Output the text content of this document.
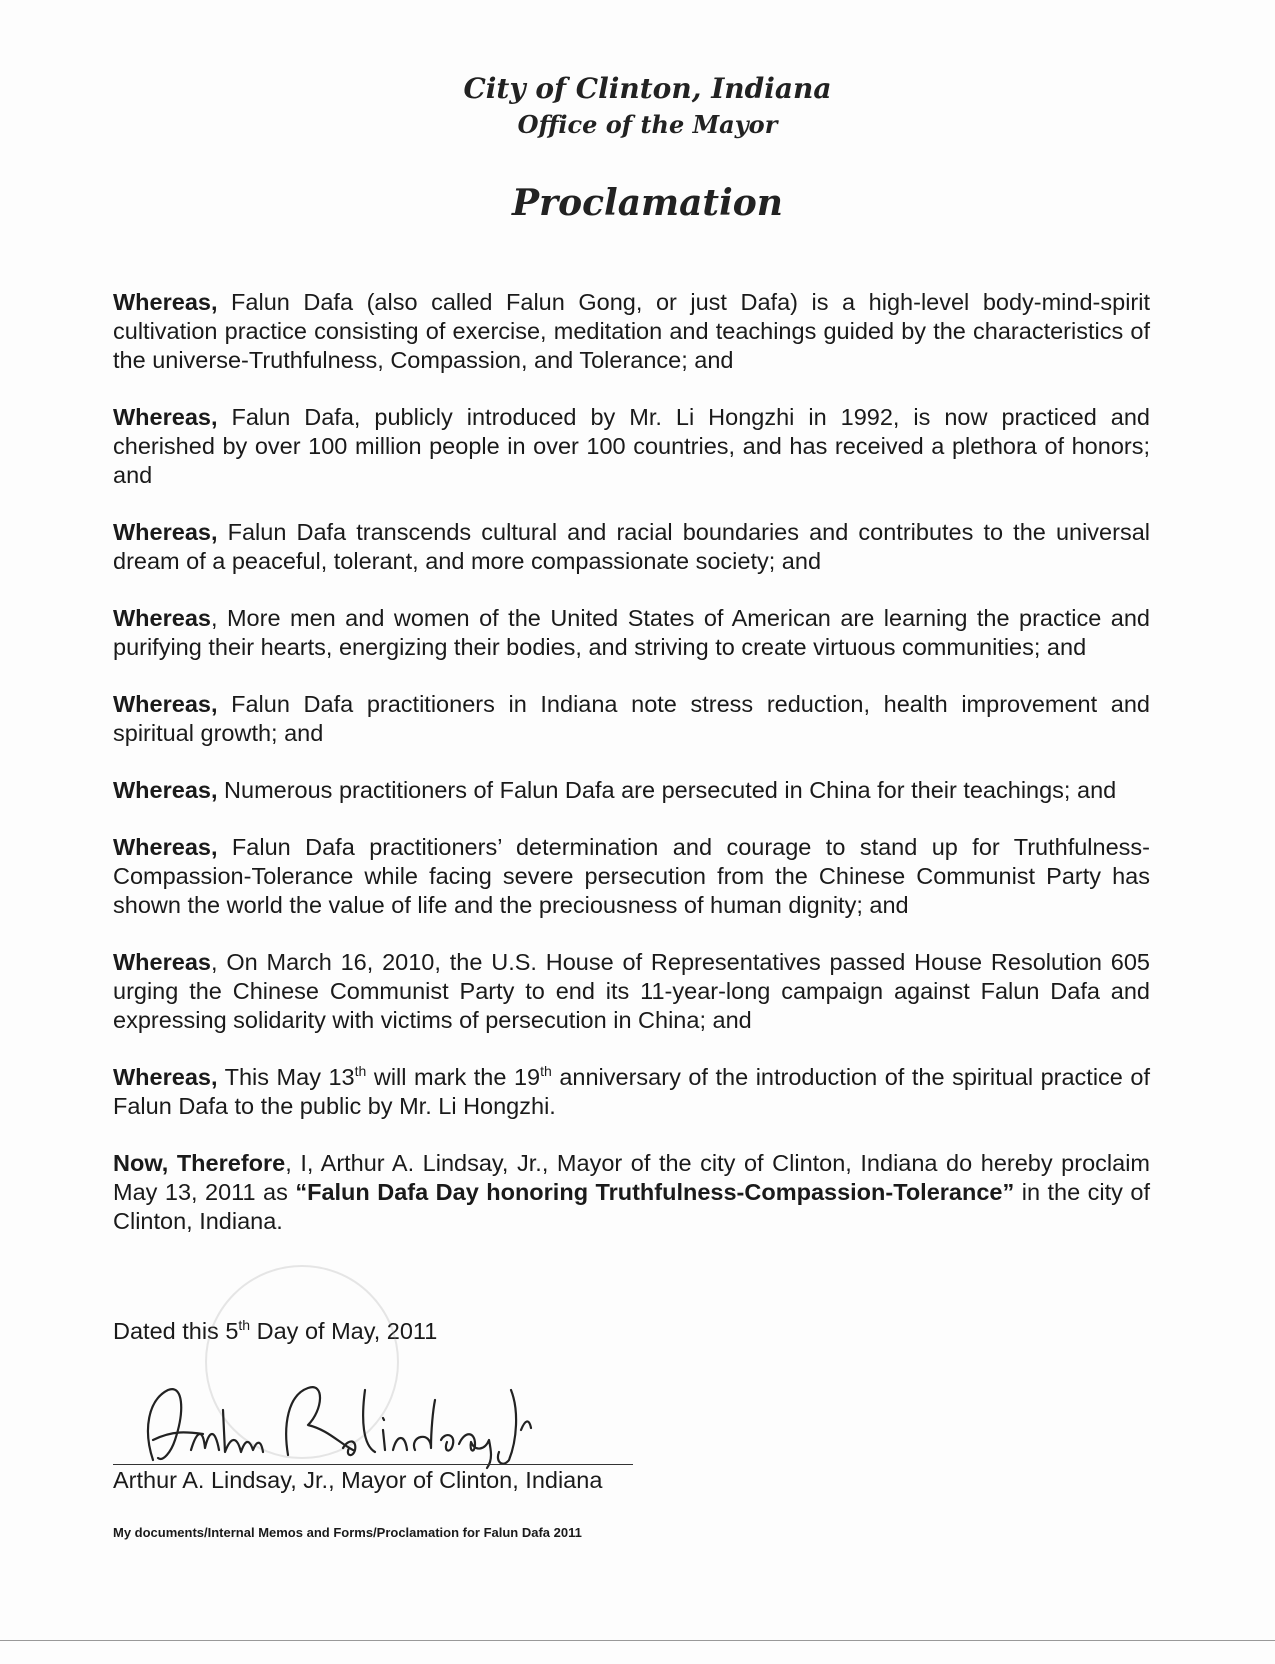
City of Clinton, Indiana
Office of the Mayor
Proclamation

Whereas, Falun Dafa (also called Falun Gong, or just Dafa) is a high-level body-mind-spirit cultivation practice consisting of exercise, meditation and teachings guided by the characteristics of the universe-Truthfulness, Compassion, and Tolerance; and

Whereas, Falun Dafa, publicly introduced by Mr. Li Hongzhi in 1992, is now practiced and cherished by over 100 million people in over 100 countries, and has received a plethora of honors; and

Whereas, Falun Dafa transcends cultural and racial boundaries and contributes to the universal dream of a peaceful, tolerant, and more compassionate society; and

Whereas, More men and women of the United States of American are learning the practice and purifying their hearts, energizing their bodies, and striving to create virtuous communities; and

Whereas, Falun Dafa practitioners in Indiana note stress reduction, health improvement and spiritual growth; and

Whereas, Numerous practitioners of Falun Dafa are persecuted in China for their teachings; and

Whereas, Falun Dafa practitioners’ determination and courage to stand up for Truthfulness-Compassion-Tolerance while facing severe persecution from the Chinese Communist Party has shown the world the value of life and the preciousness of human dignity; and

Whereas, On March 16, 2010, the U.S. House of Representatives passed House Resolution 605 urging the Chinese Communist Party to end its 11-year-long campaign against Falun Dafa and expressing solidarity with victims of persecution in China; and

Whereas, This May 13th will mark the 19th anniversary of the introduction of the spiritual practice of Falun Dafa to the public by Mr. Li Hongzhi.

Now, Therefore, I, Arthur A. Lindsay, Jr., Mayor of the city of Clinton, Indiana do hereby proclaim May 13, 2011 as “Falun Dafa Day honoring Truthfulness-Compassion-Tolerance” in the city of Clinton, Indiana.

Dated this 5th Day of May, 2011
Arthur A. Lindsay, Jr., Mayor of Clinton, Indiana
My documents/Internal Memos and Forms/Proclamation for Falun Dafa 2011
